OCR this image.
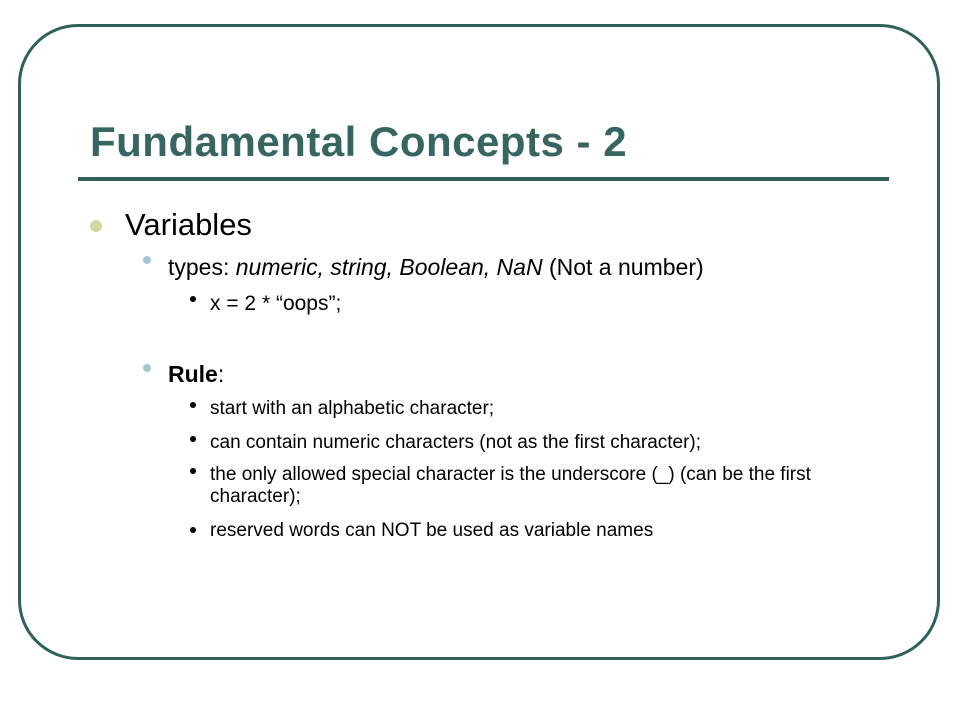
Fundamental Concepts - 2
Variables
types: numeric, string, Boolean, NaN (Not a number)
x = 2 * “oops”;
Rule:
start with an alphabetic character;
can contain numeric characters (not as the first character);
the only allowed special character is the underscore (_) (can be the first character);
reserved words can NOT be used as variable names
